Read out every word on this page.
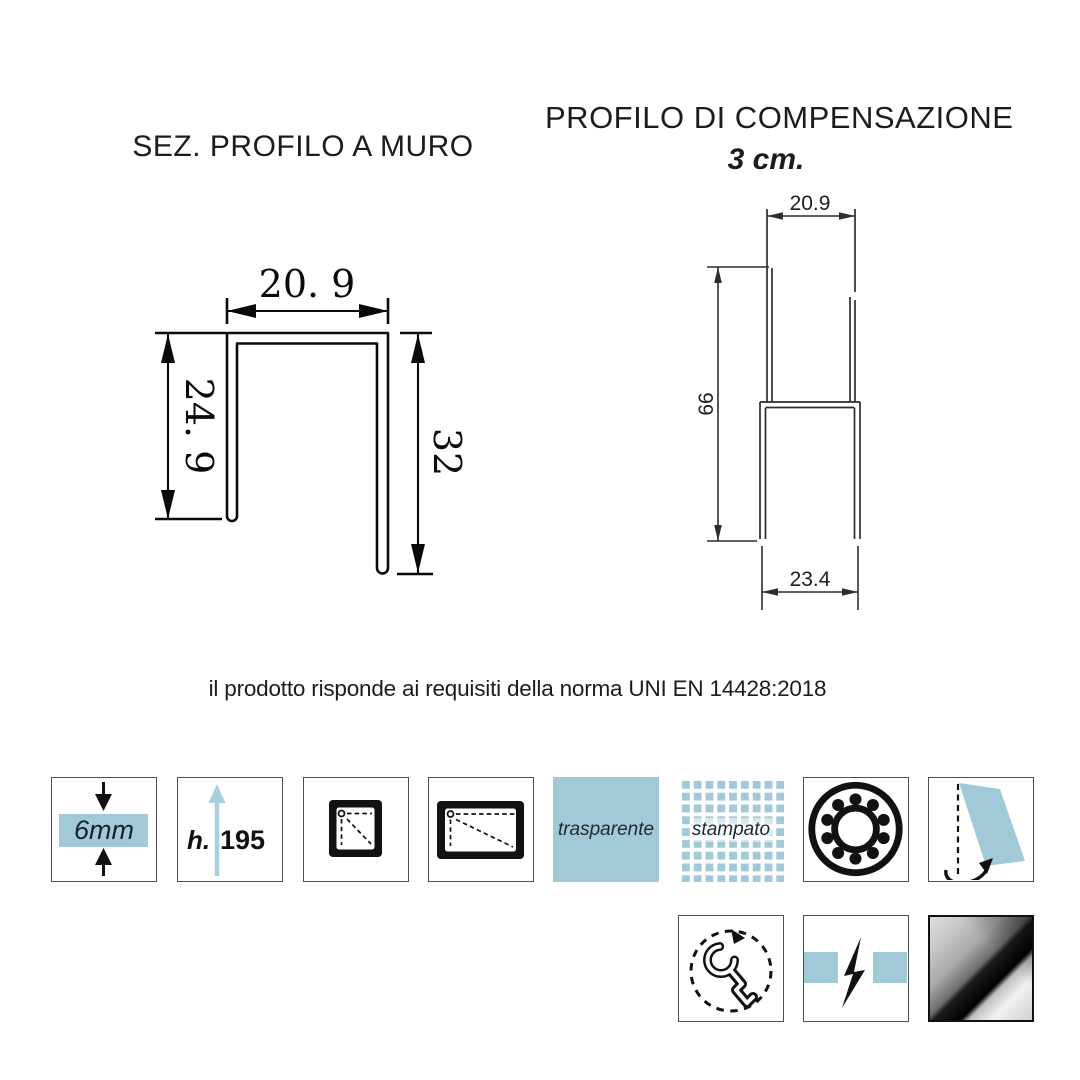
SEZ. PROFILO A MURO
PROFILO DI COMPENSAZIONE
3 cm.
il prodotto risponde ai requisiti della norma UNI EN 14428:2018
20. 9
24. 9	32
20.9
66
23.4
6mm	h. 195	trasparente stampato
